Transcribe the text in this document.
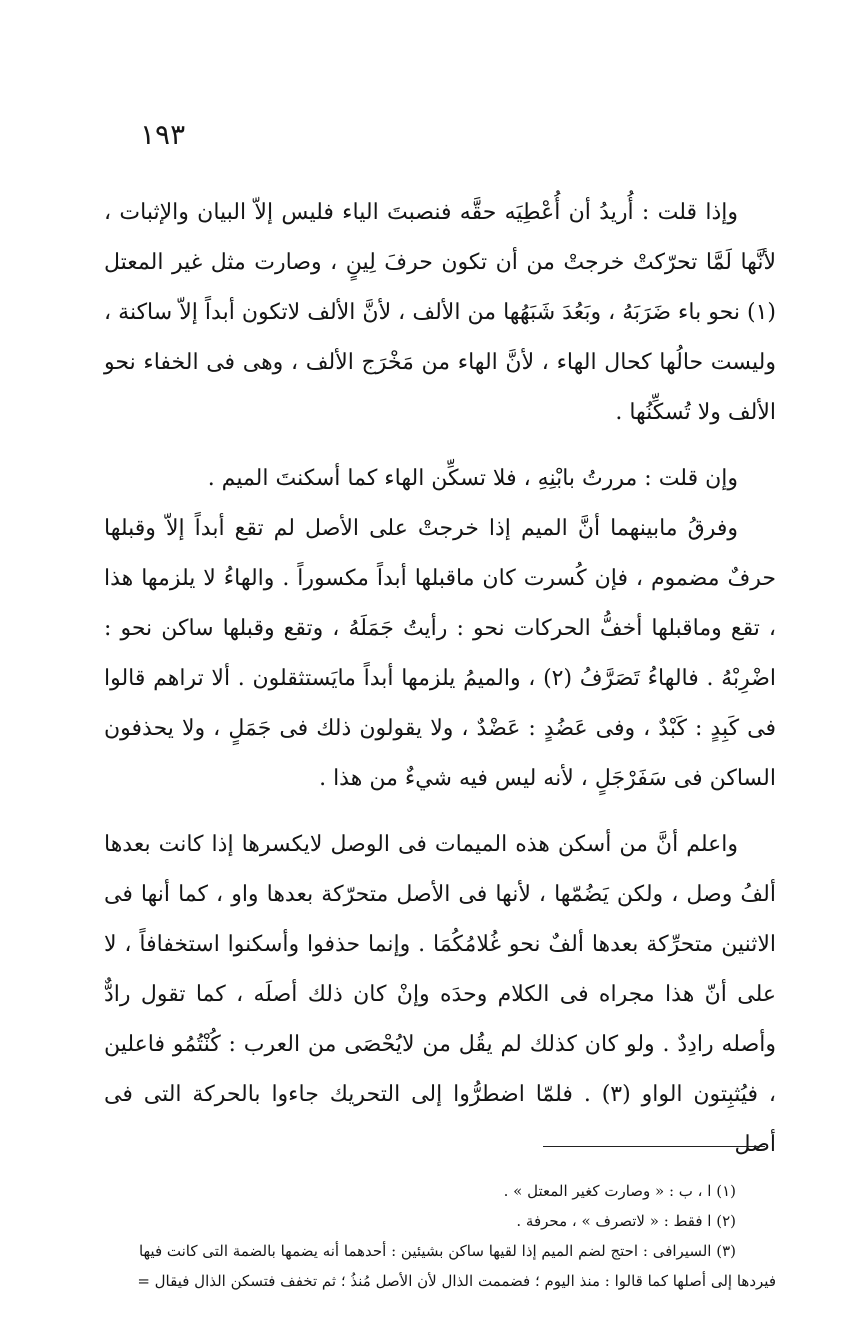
١٩٣

وإذا قلت : أُريدُ أن أُعْطِيَه حقَّه فنصبتَ الياء فليس إلاّ البيان والإثبات ، لأنَّها لَمَّا تحرّكتْ خرجتْ من أن تكون حرفَ لِينٍ ، وصارت مثل غير المعتل (١) نحو باء ضَرَبَهُ ، وبَعُدَ شَبَهُها من الألف ، لأنَّ الألف لاتكون أبداً إلاّ ساكنة ، وليست حالُها كحال الهاء ، لأنَّ الهاء من مَخْرَج الألف ، وهى فى الخفاء نحو الألف ولا تُسكِّنُها .

وإن قلت : مررتُ بابْنِهِ ، فلا تسكِّن الهاء كما أسكنتَ الميم .

وفرقُ مابينهما أنَّ الميم إذا خرجتْ على الأصل لم تقع أبداً إلاّ وقبلها حرفٌ مضموم ، فإن كُسرت كان ماقبلها أبداً مكسوراً . والهاءُ لا يلزمها هذا ، تقع وماقبلها أخفُّ الحركات نحو : رأيتُ جَمَلَهُ ، وتقع وقبلها ساكن نحو : اضْرِبْهُ . فالهاءُ تَصَرَّفُ (٢) ، والميمُ يلزمها أبداً مايَستثقلون . ألا تراهم قالوا فى كَبِدٍ : كَبْدٌ ، وفى عَضُدٍ : عَضْدٌ ، ولا يقولون ذلك فى جَمَلٍ ، ولا يحذفون الساكن فى سَفَرْجَلٍ ، لأنه ليس فيه شيءٌ من هذا .

واعلم أنَّ من أسكن هذه الميمات فى الوصل لايكسرها إذا كانت بعدها ألفُ وصل ، ولكن يَضُمّها ، لأنها فى الأصل متحرّكة بعدها واو ، كما أنها فى الاثنين متحرِّكة بعدها ألفٌ نحو غُلامُكُمَا . وإنما حذفوا وأسكنوا استخفافاً ، لا على أنّ هذا مجراه فى الكلام وحدَه وإنْ كان ذلك أصلَه ، كما تقول رادٌّ وأصله رادِدٌ . ولو كان كذلك لم يقُل من لايُحْصَى من العرب : كُنْتُمُو فاعلين ، فيُثبِتون الواو (٣) . فلمّا اضطرُّوا إلى التحريك جاءوا بالحركة التى فى أصل

(١) ا ، ب : « وصارت كغير المعتل » .

(٢) ا فقط : « لاتصرف » ، محرفة .

(٣) السيرافى : احتج لضم الميم إذا لقيها ساكن بشيئين : أحدهما أنه يضمها بالضمة التى كانت فيها

فيردها إلى أصلها كما قالوا : منذ اليوم ؛ فضممت الذال لأن الأصل مُنذُ ؛ ثم تخفف فتسكن الذال فيقال =
